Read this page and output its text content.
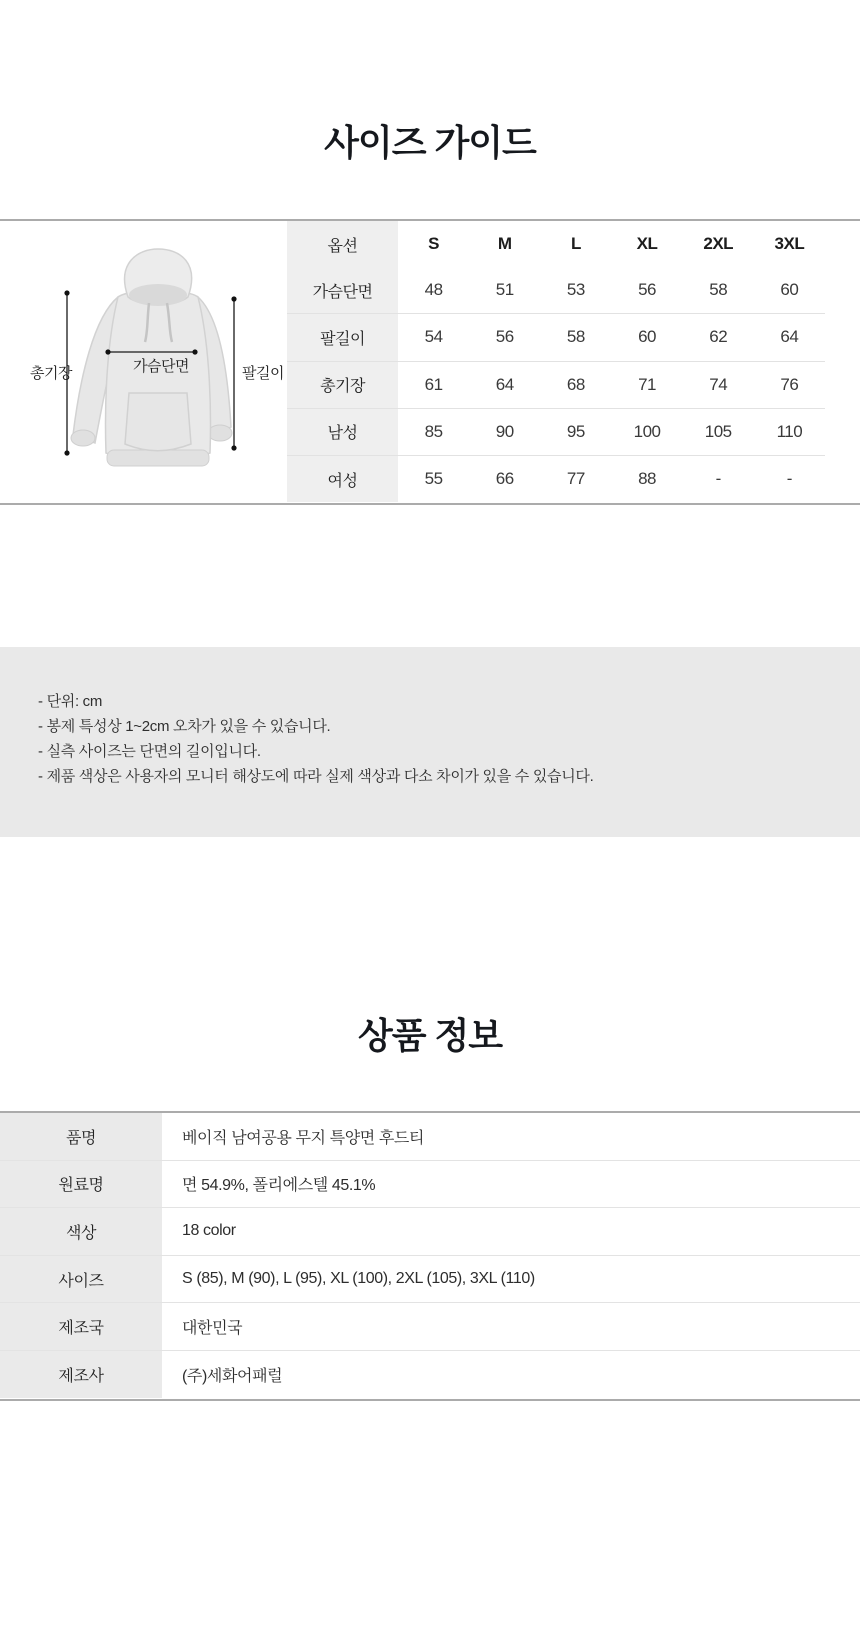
사이즈 가이드
총기장	팔길이
가슴단면
옵션	S	M	L	XL	2XL	3XL
가슴단면	48	51	53	56	58	60
팔길이	54	56	58	60	62	64
총기장	61	64	68	71	74	76
남성	85	90	95	100	105	110
여성	55	66	77	88	-	-
- 단위: cm
- 봉제 특성상 1~2cm 오차가 있을 수 있습니다.
- 실측 사이즈는 단면의 길이입니다.
- 제품 색상은 사용자의 모니터 해상도에 따라 실제 색상과 다소 차이가 있을 수 있습니다.
상품 정보
품명	베이직 남여공용 무지 특양면 후드티
원료명	면 54.9%, 폴리에스텔 45.1%
색상	18 color
사이즈	S (85), M (90), L (95), XL (100), 2XL (105), 3XL (110)
제조국	대한민국
제조사	(주)세화어패럴
